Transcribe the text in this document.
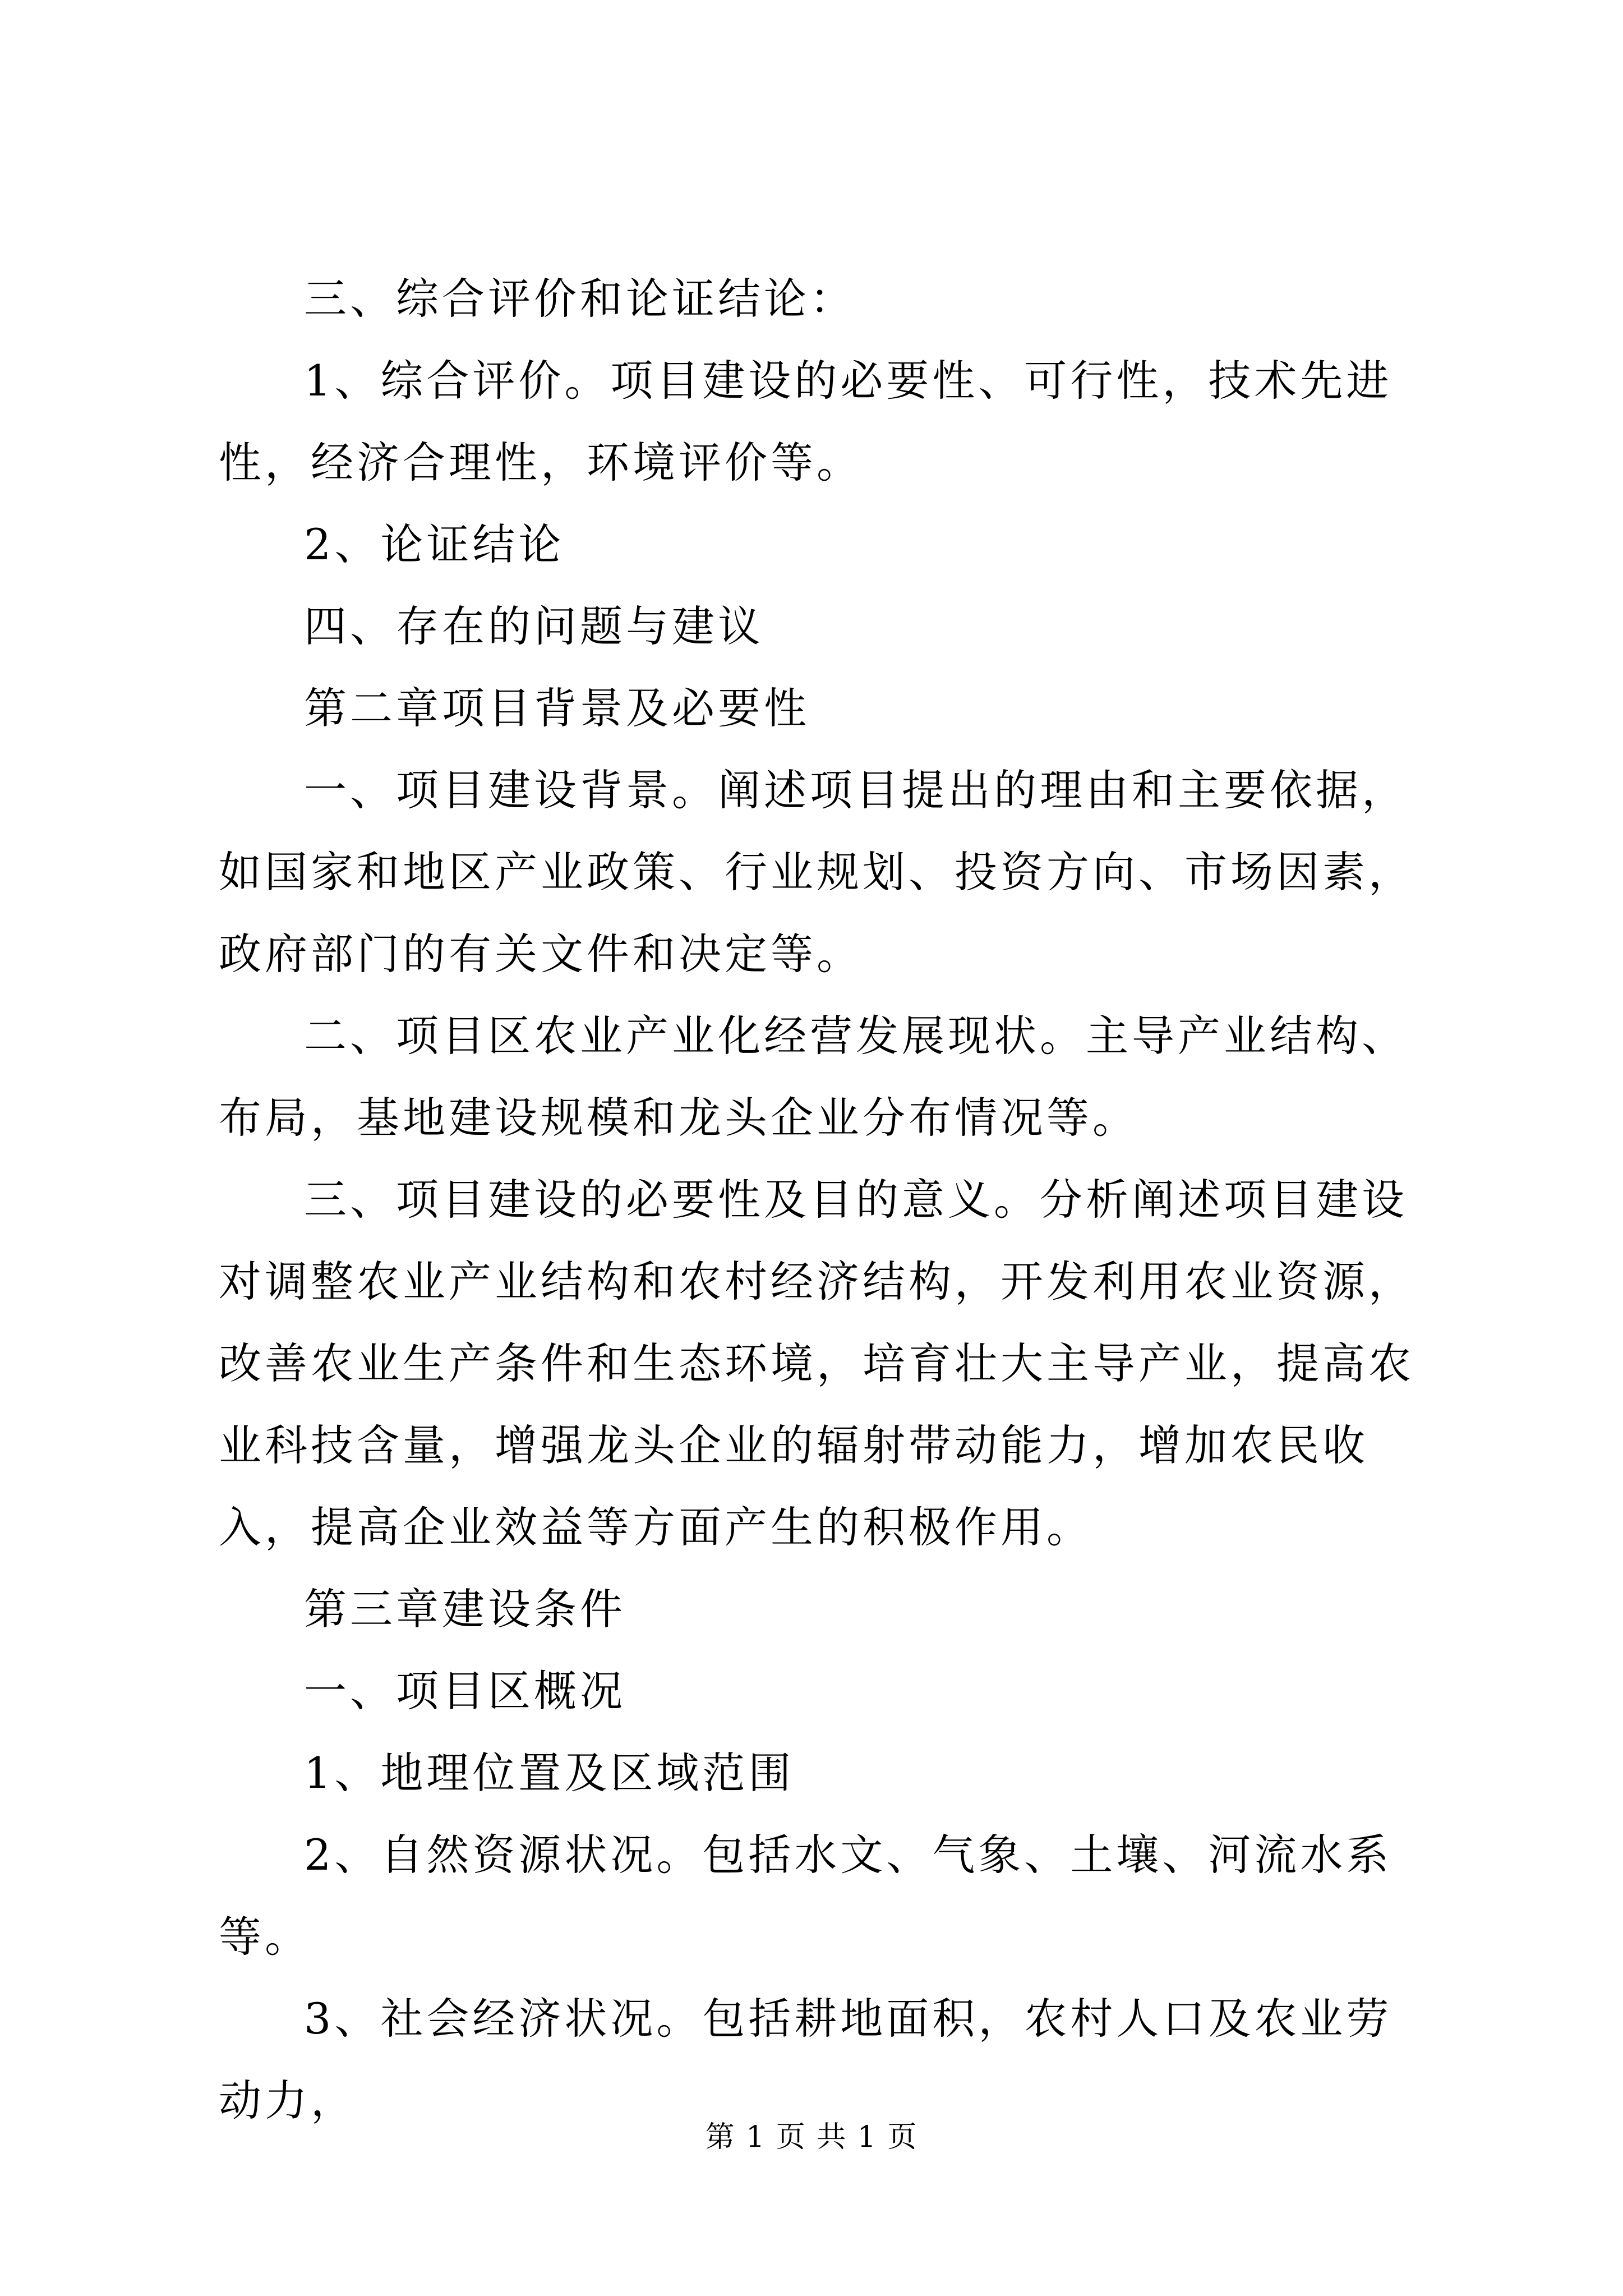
三、综合评价和论证结论：

1、综合评价。项目建设的必要性、可行性，技术先进性，经济合理性，环境评价等。

2、论证结论

四、存在的问题与建议

第二章项目背景及必要性

一、项目建设背景。阐述项目提出的理由和主要依据，如国家和地区产业政策、行业规划、投资方向、市场因素，政府部门的有关文件和决定等。

二、项目区农业产业化经营发展现状。主导产业结构、布局，基地建设规模和龙头企业分布情况等。

三、项目建设的必要性及目的意义。分析阐述项目建设对调整农业产业结构和农村经济结构，开发利用农业资源，改善农业生产条件和生态环境，培育壮大主导产业，提高农业科技含量，增强龙头企业的辐射带动能力，增加农民收入，提高企业效益等方面产生的积极作用。

第三章建设条件

一、项目区概况

1、地理位置及区域范围

2、自然资源状况。包括水文、气象、土壤、河流水系等。

3、社会经济状况。包括耕地面积，农村人口及农业劳动力，

第 1 页 共 1 页
